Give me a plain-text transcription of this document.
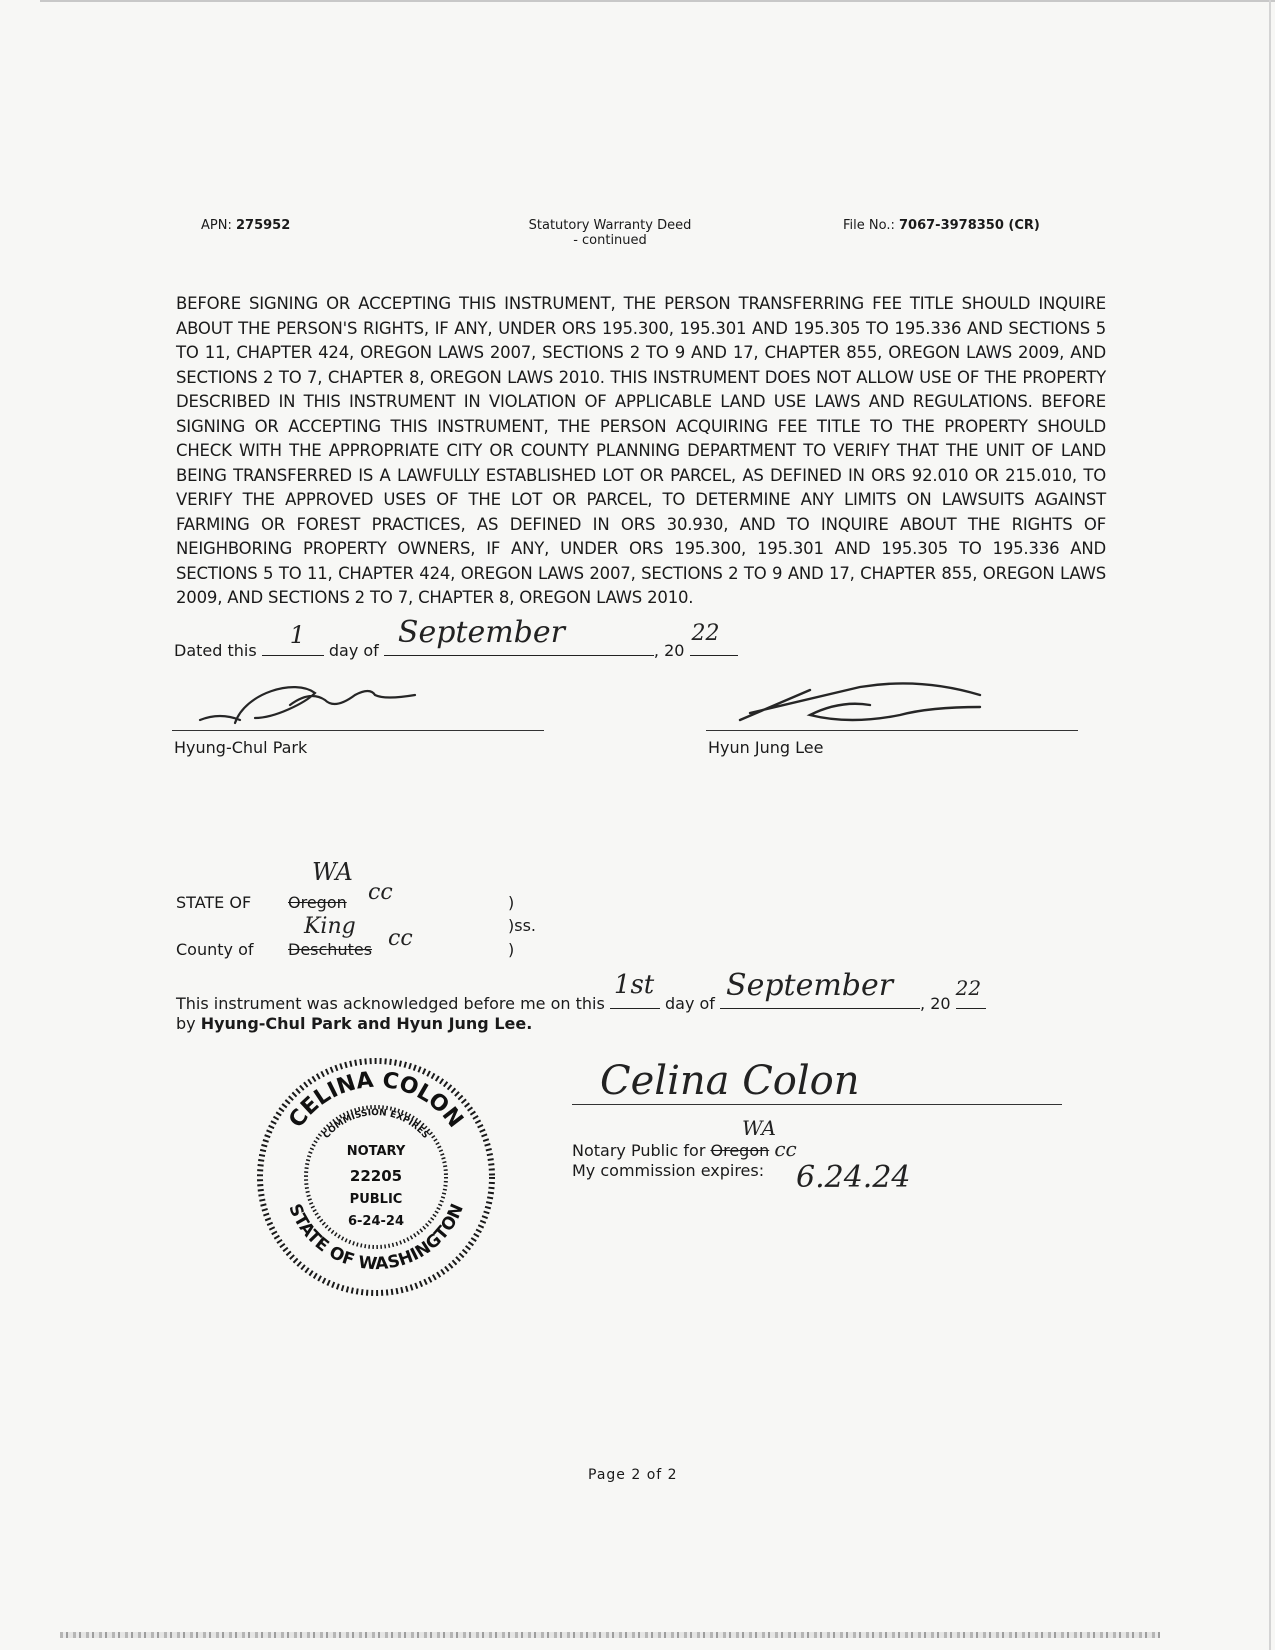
APN: 275952	Statutory Warranty Deed
- continued
File No.: 7067-3978350 (CR)
BEFORE SIGNING OR ACCEPTING THIS INSTRUMENT, THE PERSON TRANSFERRING FEE TITLE SHOULD INQUIRE ABOUT THE PERSON'S RIGHTS, IF ANY, UNDER ORS 195.300, 195.301 AND 195.305 TO 195.336 AND SECTIONS 5 TO 11, CHAPTER 424, OREGON LAWS 2007, SECTIONS 2 TO 9 AND 17, CHAPTER 855, OREGON LAWS 2009, AND SECTIONS 2 TO 7, CHAPTER 8, OREGON LAWS 2010. THIS INSTRUMENT DOES NOT ALLOW USE OF THE PROPERTY DESCRIBED IN THIS INSTRUMENT IN VIOLATION OF APPLICABLE LAND USE LAWS AND REGULATIONS. BEFORE SIGNING OR ACCEPTING THIS INSTRUMENT, THE PERSON ACQUIRING FEE TITLE TO THE PROPERTY SHOULD CHECK WITH THE APPROPRIATE CITY OR COUNTY PLANNING DEPARTMENT TO VERIFY THAT THE UNIT OF LAND BEING TRANSFERRED IS A LAWFULLY ESTABLISHED LOT OR PARCEL, AS DEFINED IN ORS 92.010 OR 215.010, TO VERIFY THE APPROVED USES OF THE LOT OR PARCEL, TO DETERMINE ANY LIMITS ON LAWSUITS AGAINST FARMING OR FOREST PRACTICES, AS DEFINED IN ORS 30.930, AND TO INQUIRE ABOUT THE RIGHTS OF NEIGHBORING PROPERTY OWNERS, IF ANY, UNDER ORS 195.300, 195.301 AND 195.305 TO 195.336 AND SECTIONS 5 TO 11, CHAPTER 424, OREGON LAWS 2007, SECTIONS 2 TO 9 AND 17, CHAPTER 855, OREGON LAWS 2009, AND SECTIONS 2 TO 7, CHAPTER 8, OREGON LAWS 2010.
Dated this
1
day of
September
, 20
22
Hyung-Chul Park	Hyun Jung Lee
STATE OF
WA
Oregon cc	)
)ss.
County of
King
Deschutes cc	)
This instrument was acknowledged before me on this
1st
day of
September
, 20
22
by Hyung-Chul Park and Hyun Jung Lee.
CELINA COLON
STATE OF WASHINGTON
COMMISSION EXPIRES
NOTARY
22205
PUBLIC
6-24-24
Celina Colon
Notary Public for Oregon cc
WA
My commission expires: 6.24.24
Page 2 of 2
